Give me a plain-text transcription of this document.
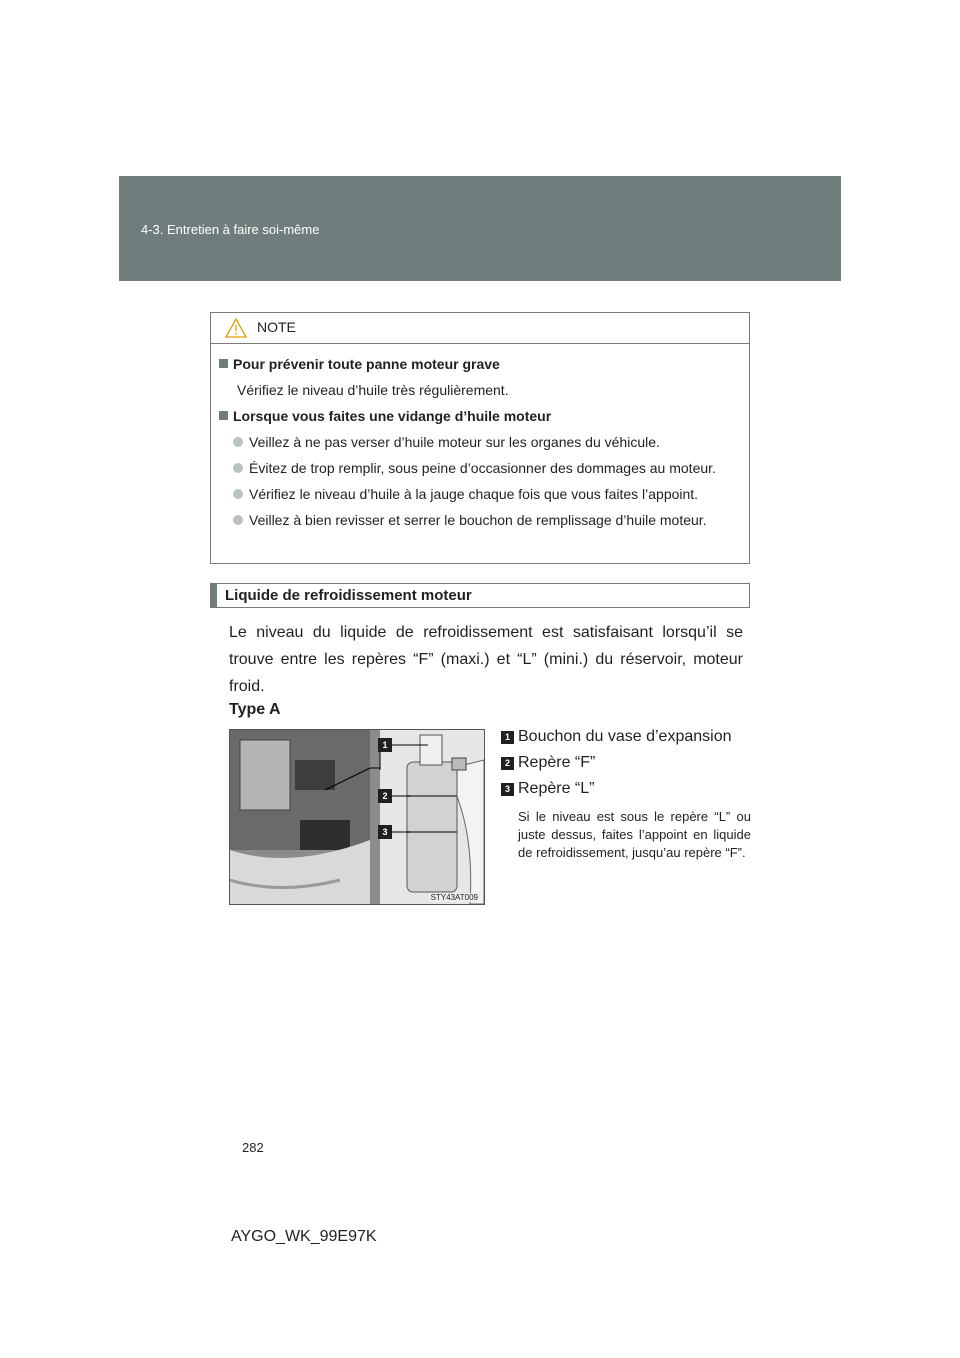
4-3. Entretien à faire soi-même
NOTE
Pour prévenir toute panne moteur grave
Vérifiez le niveau d’huile très régulièrement.
Lorsque vous faites une vidange d’huile moteur
Veillez à ne pas verser d’huile moteur sur les organes du véhicule.
Évitez de trop remplir, sous peine d’occasionner des dommages au moteur.
Vérifiez le niveau d’huile à la jauge chaque fois que vous faites l’appoint.
Veillez à bien revisser et serrer le bouchon de remplissage d’huile moteur.
Liquide de refroidissement moteur
Le niveau du liquide de refroidissement est satisfaisant lorsqu’il se trouve entre les repères “F” (maxi.) et “L” (mini.) du réservoir, moteur froid.
Type A
1
2
3
STY43AT009
1 Bouchon du vase d’expansion
2 Repère “F”
3 Repère “L”
Si le niveau est sous le repère “L” ou juste dessus, faites l’appoint en liquide de refroidissement, jusqu’au repère “F”.
282
AYGO_WK_99E97K
